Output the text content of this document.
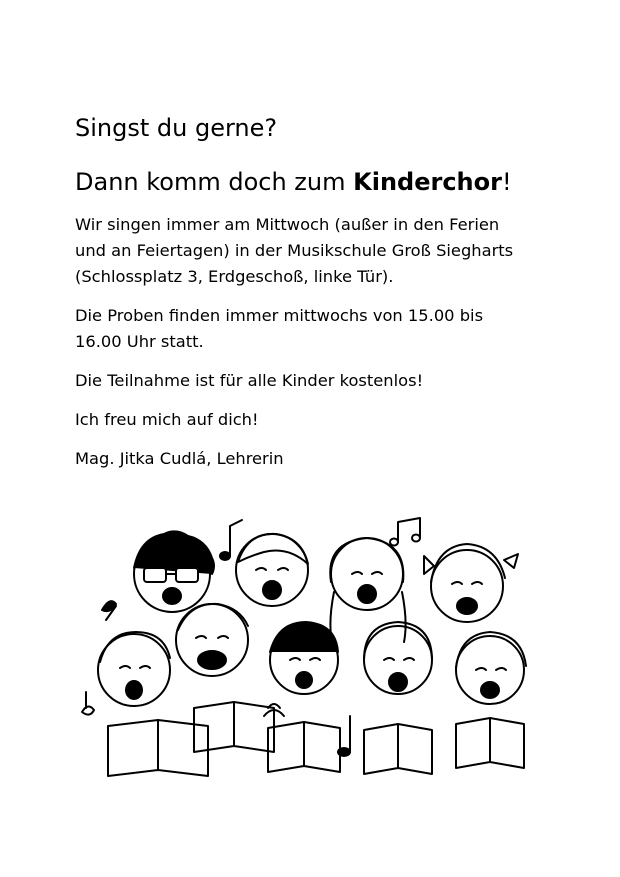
Singst du gerne?
Dann komm doch zum Kinderchor!

Wir singen immer am Mittwoch (außer in den Ferien
und an Feiertagen) in der Musikschule Groß Siegharts
(Schlossplatz 3, Erdgeschoß, linke Tür).

Die Proben finden immer mittwochs von 15.00 bis
16.00 Uhr statt.

Die Teilnahme ist für alle Kinder kostenlos!

Ich freu mich auf dich!

Mag. Jitka Cudlá, Lehrerin
